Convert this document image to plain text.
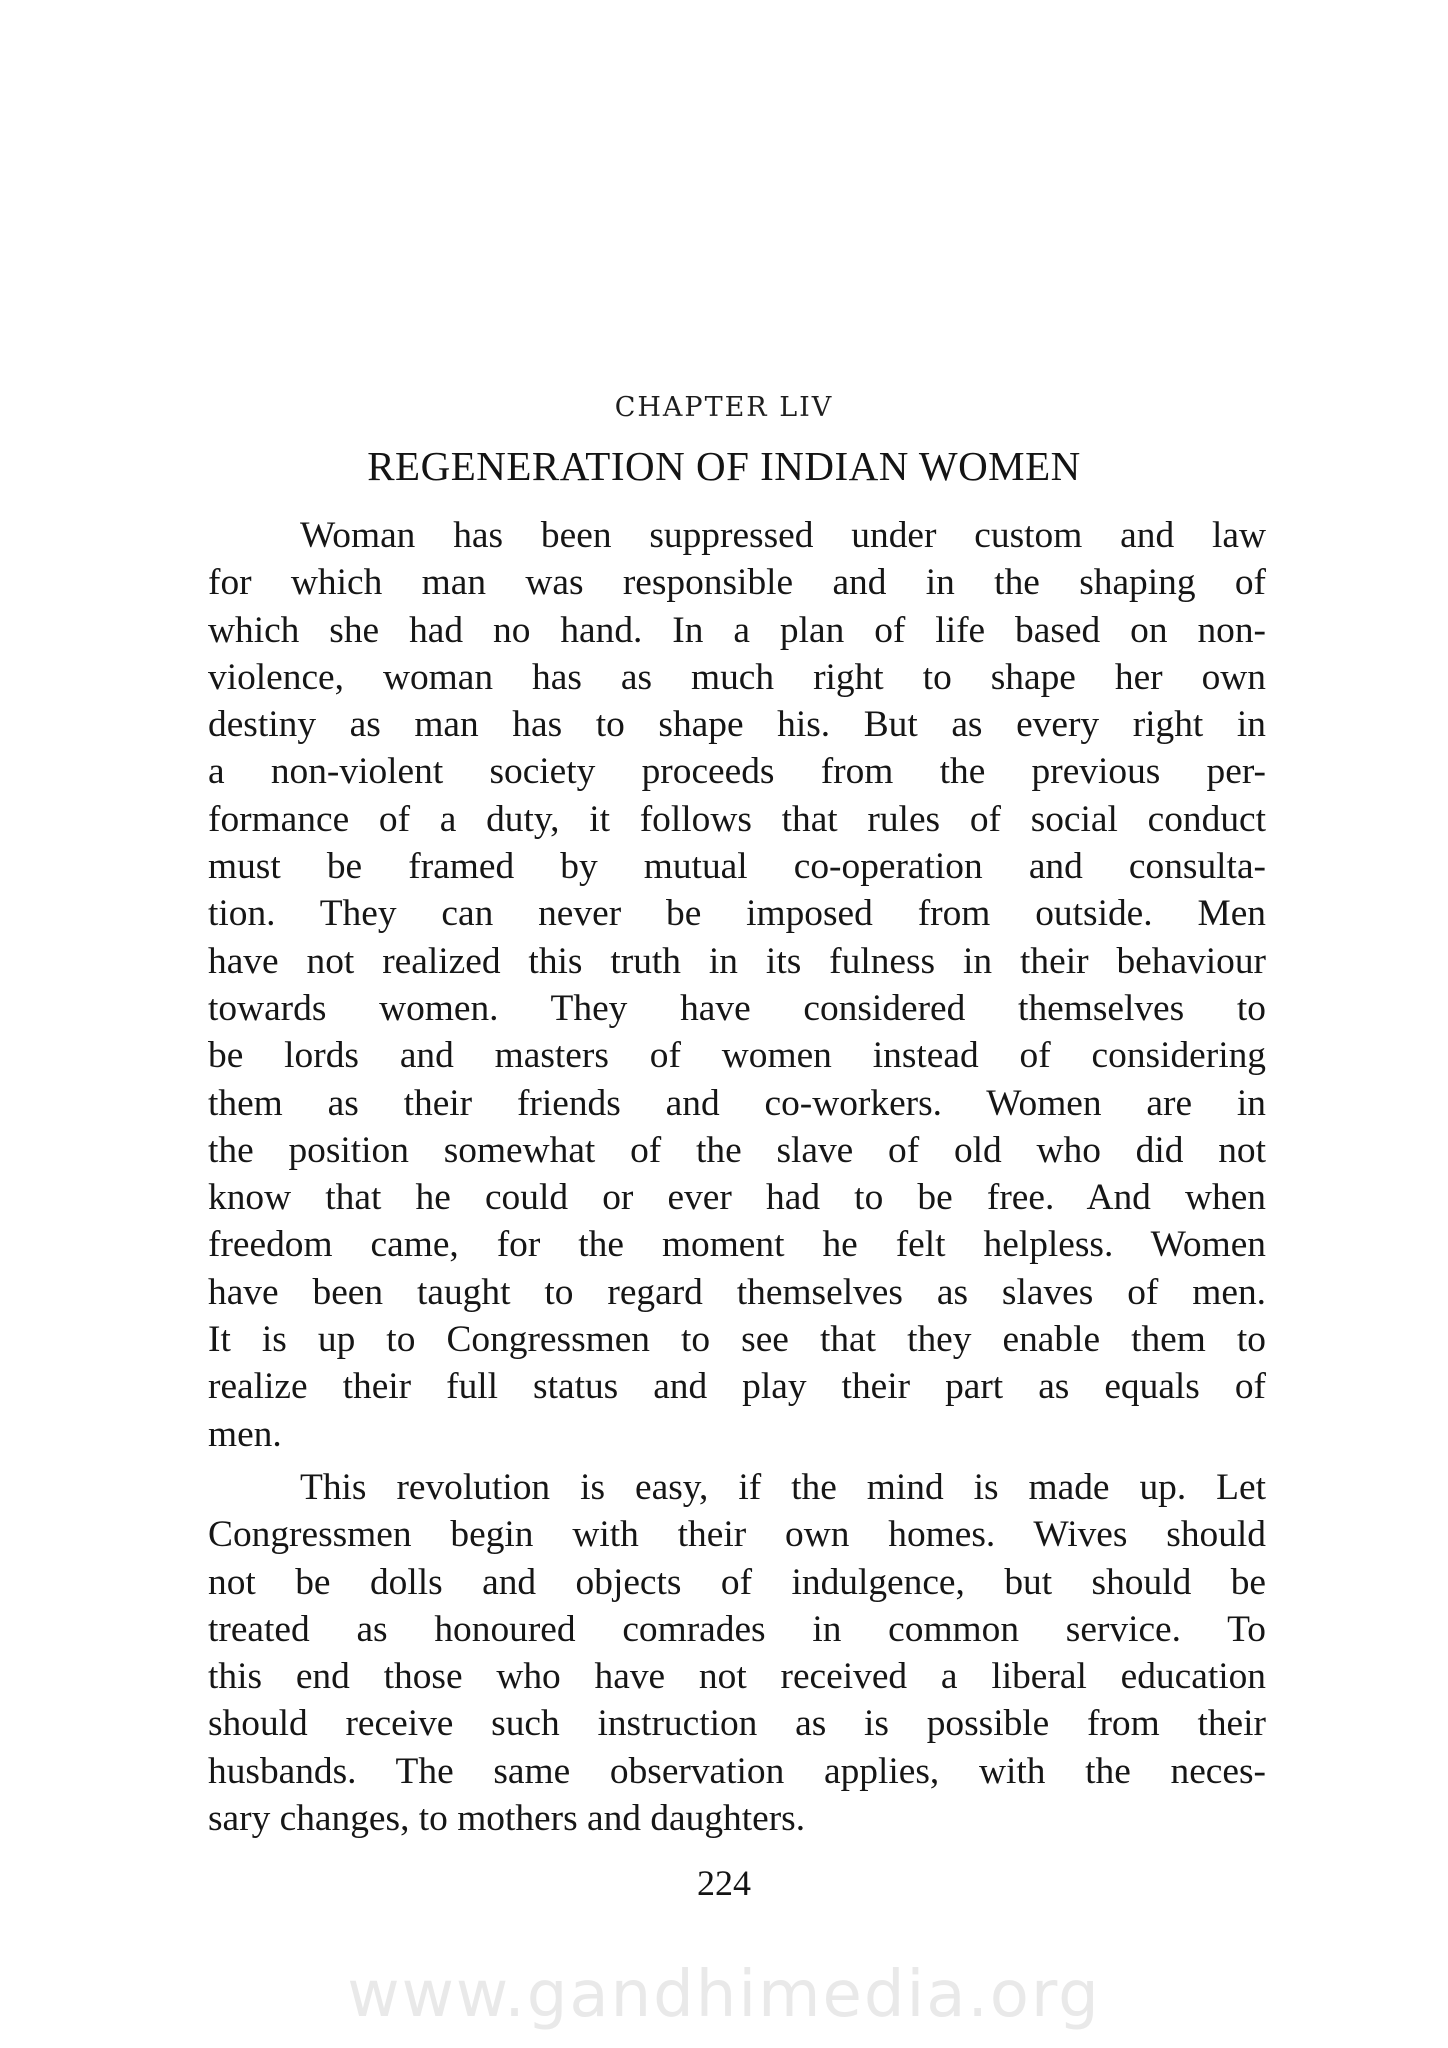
CHAPTER LIV
REGENERATION OF INDIAN WOMEN
Woman has been suppressed under custom and law
for which man was responsible and in the shaping of
which she had no hand. In a plan of life based on non-
violence, woman has as much right to shape her own
destiny as man has to shape his. But as every right in
a non-violent society proceeds from the previous per-
formance of a duty, it follows that rules of social conduct
must be framed by mutual co-operation and consulta-
tion. They can never be imposed from outside. Men
have not realized this truth in its fulness in their behaviour
towards women. They have considered themselves to
be lords and masters of women instead of considering
them as their friends and co-workers. Women are in
the position somewhat of the slave of old who did not
know that he could or ever had to be free. And when
freedom came, for the moment he felt helpless. Women
have been taught to regard themselves as slaves of men.
It is up to Congressmen to see that they enable them to
realize their full status and play their part as equals of
men.
This revolution is easy, if the mind is made up. Let
Congressmen begin with their own homes. Wives should
not be dolls and objects of indulgence, but should be
treated as honoured comrades in common service. To
this end those who have not received a liberal education
should receive such instruction as is possible from their
husbands. The same observation applies, with the neces-
sary changes, to mothers and daughters.
224
www.gandhimedia.org
